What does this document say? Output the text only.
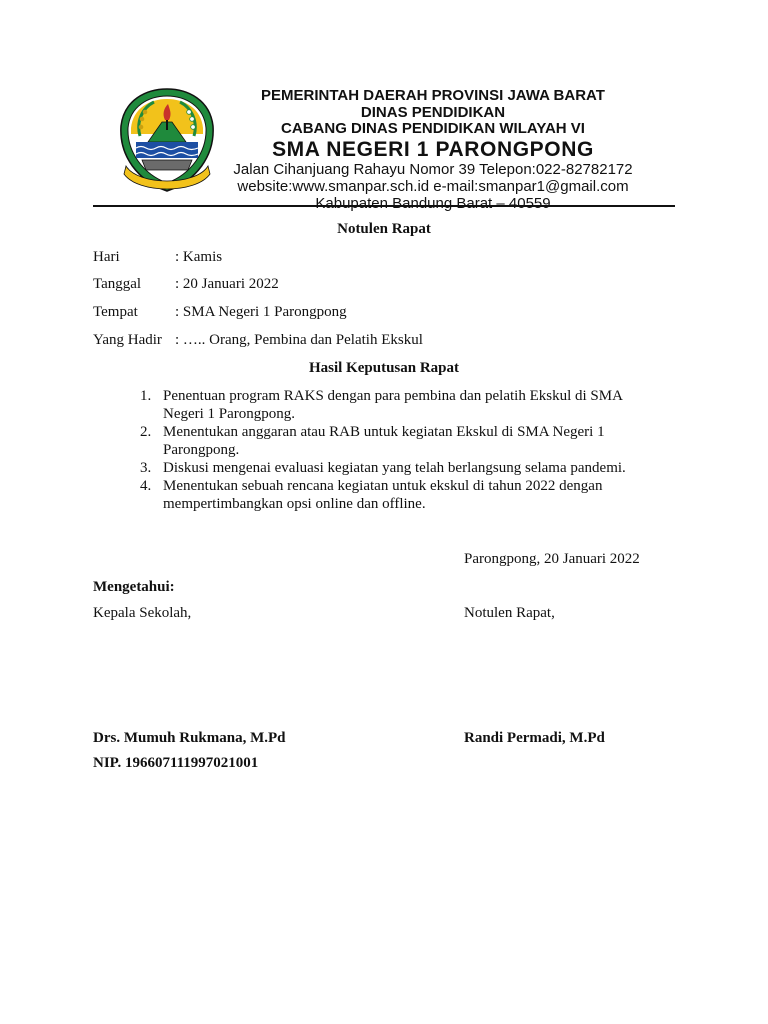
PEMERINTAH DAERAH PROVINSI JAWA BARAT
DINAS PENDIDIKAN
CABANG DINAS PENDIDIKAN WILAYAH VI
SMA NEGERI 1 PARONGPONG
Jalan Cihanjuang Rahayu Nomor 39 Telepon:022-82782172
website:www.smanpar.sch.id e-mail:smanpar1@gmail.com
Kabupaten Bandung Barat – 40559
Notulen Rapat
Hari	: Kamis
Tanggal : 20 Januari 2022
Tempat : SMA Negeri 1 Parongpong
Yang Hadir : ….. Orang, Pembina dan Pelatih Ekskul
Hasil Keputusan Rapat
1. Penentuan program RAKS dengan para pembina dan pelatih Ekskul di SMA
Negeri 1 Parongpong.
2. Menentukan anggaran atau RAB untuk kegiatan Ekskul di SMA Negeri 1
Parongpong.
3. Diskusi mengenai evaluasi kegiatan yang telah berlangsung selama pandemi.
4. Menentukan sebuah rencana kegiatan untuk ekskul di tahun 2022 dengan
mempertimbangkan opsi online dan offline.
Parongpong, 20 Januari 2022
Mengetahui:
Kepala Sekolah,	Notulen Rapat,
Drs. Mumuh Rukmana, M.Pd	Randi Permadi, M.Pd
NIP. 196607111997021001
